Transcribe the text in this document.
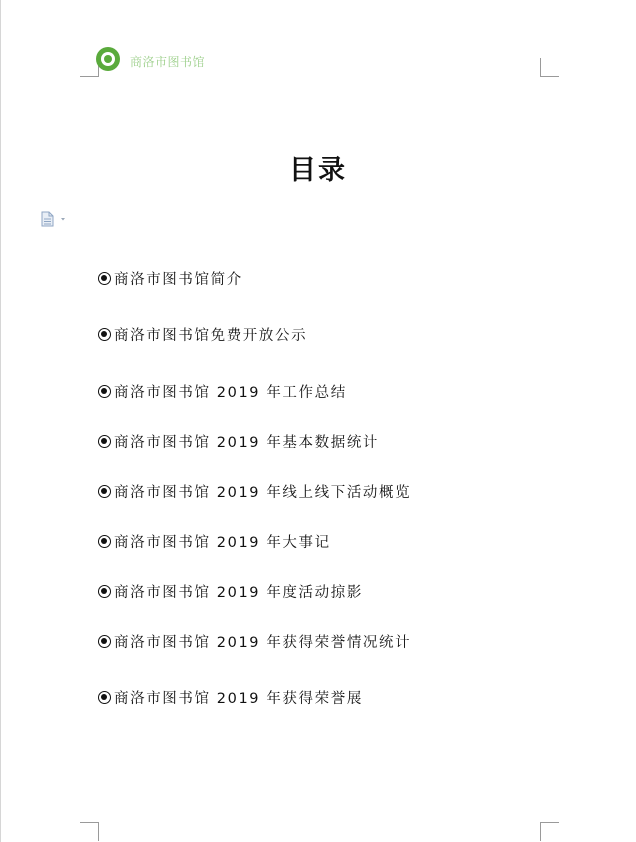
商洛市图书馆
目录
商洛市图书馆简介
商洛市图书馆免费开放公示
商洛市图书馆 2019 年工作总结
商洛市图书馆 2019 年基本数据统计
商洛市图书馆 2019 年线上线下活动概览
商洛市图书馆 2019 年大事记
商洛市图书馆 2019 年度活动掠影
商洛市图书馆 2019 年获得荣誉情况统计
商洛市图书馆 2019 年获得荣誉展
